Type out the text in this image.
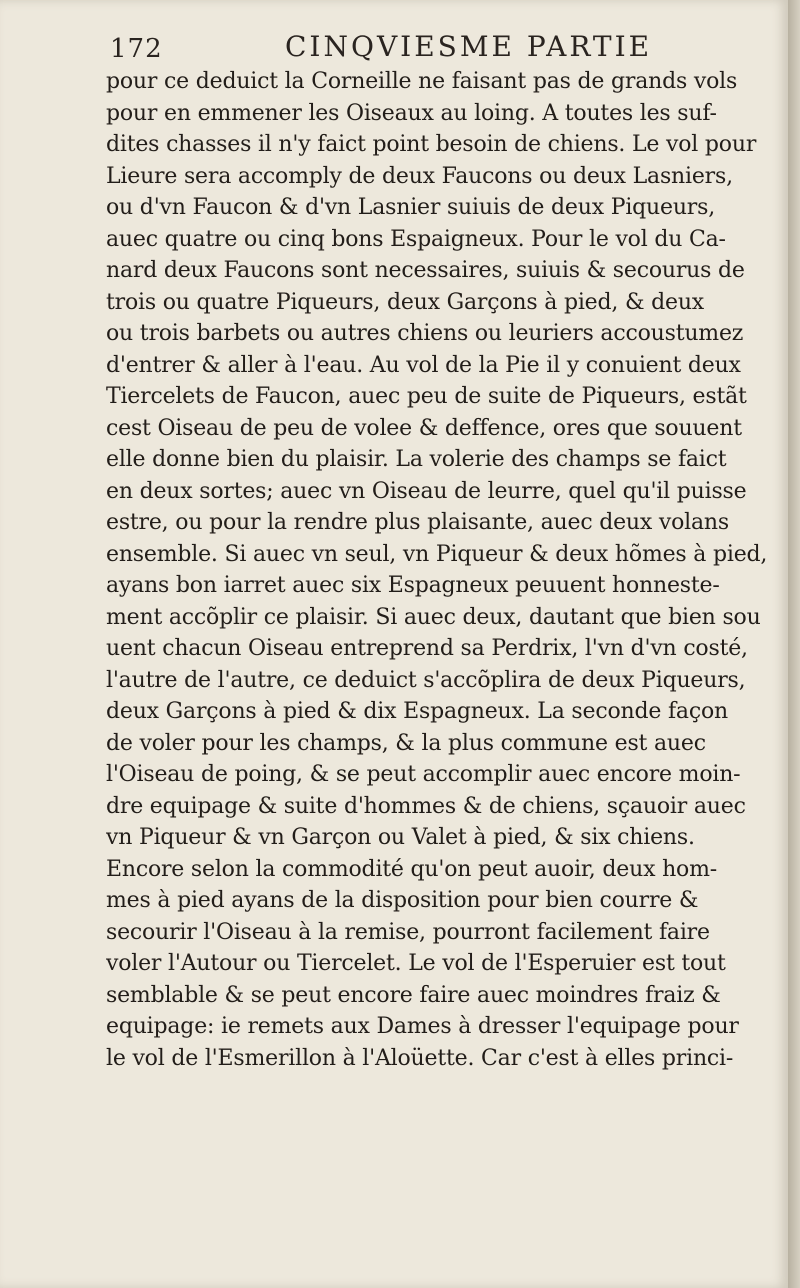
172	CINQVIESME PARTIE
pour ce deduict la Corneille ne faisant pas de grands vols
pour en emmener les Oiseaux au loing. A toutes les suf-
dites chasses il n'y faict point besoin de chiens. Le vol pour
Lieure sera accomply de deux Faucons ou deux Lasniers,
ou d'vn Faucon & d'vn Lasnier suiuis de deux Piqueurs,
auec quatre ou cinq bons Espaigneux. Pour le vol du Ca-
nard deux Faucons sont necessaires, suiuis & secourus de
trois ou quatre Piqueurs, deux Garçons à pied, & deux
ou trois barbets ou autres chiens ou leuriers accoustumez
d'entrer & aller à l'eau. Au vol de la Pie il y conuient deux
Tiercelets de Faucon, auec peu de suite de Piqueurs, estãt
cest Oiseau de peu de volee & deffence, ores que souuent
elle donne bien du plaisir. La volerie des champs se faict
en deux sortes; auec vn Oiseau de leurre, quel qu'il puisse
estre, ou pour la rendre plus plaisante, auec deux volans
ensemble. Si auec vn seul, vn Piqueur & deux hõmes à pied,
ayans bon iarret auec six Espagneux peuuent honneste-
ment accõplir ce plaisir. Si auec deux, dautant que bien sou
uent chacun Oiseau entreprend sa Perdrix, l'vn d'vn costé,
l'autre de l'autre, ce deduict s'accõplira de deux Piqueurs,
deux Garçons à pied & dix Espagneux. La seconde façon
de voler pour les champs, & la plus commune est auec
l'Oiseau de poing, & se peut accomplir auec encore moin-
dre equipage & suite d'hommes & de chiens, sçauoir auec
vn Piqueur & vn Garçon ou Valet à pied, & six chiens.
Encore selon la commodité qu'on peut auoir, deux hom-
mes à pied ayans de la disposition pour bien courre &
secourir l'Oiseau à la remise, pourront facilement faire
voler l'Autour ou Tiercelet. Le vol de l'Esperuier est tout
semblable & se peut encore faire auec moindres fraiz &
equipage: ie remets aux Dames à dresser l'equipage pour
le vol de l'Esmerillon à l'Aloüette. Car c'est à elles princi-
